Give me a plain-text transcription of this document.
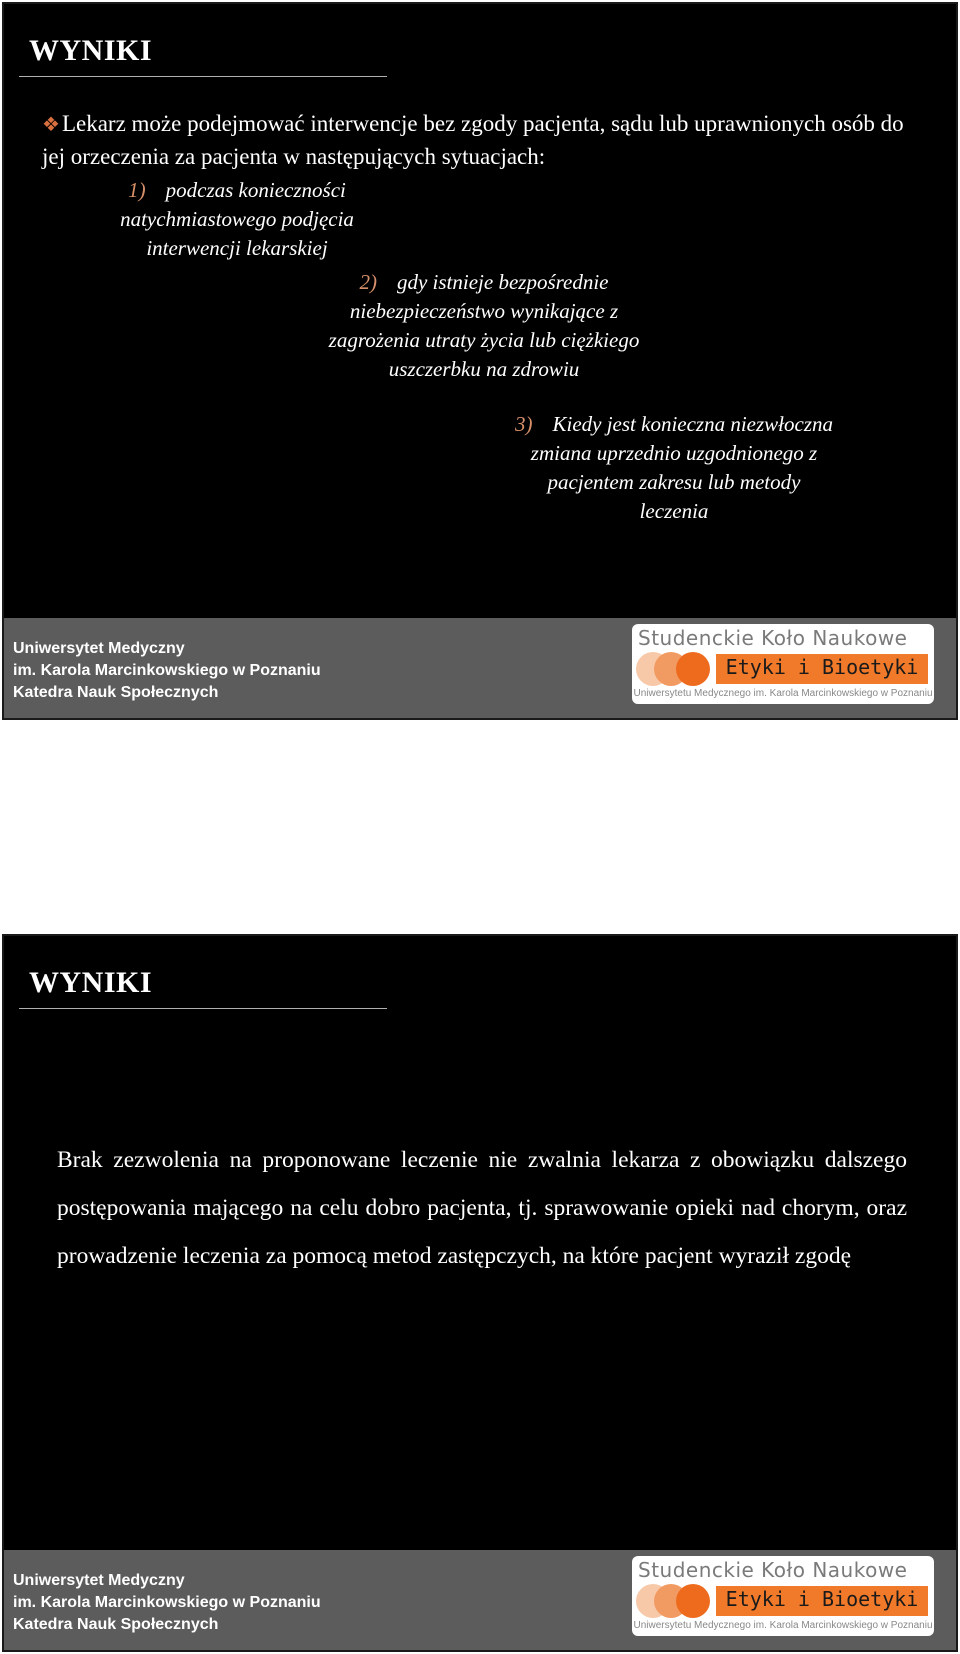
WYNIKI
❖Lekarz może podejmować interwencje bez zgody pacjenta, sądu lub uprawnionych osób do jej orzeczenia za pacjenta w następujących sytuacjach:
1) podczas konieczności
natychmiastowego podjęcia
interwencji lekarskiej
2) gdy istnieje bezpośrednie
niebezpieczeństwo wynikające z
zagrożenia utraty życia lub ciężkiego
uszczerbku na zdrowiu
3) Kiedy jest konieczna niezwłoczna
zmiana uprzednio uzgodnionego z
pacjentem zakresu lub metody
leczenia
Uniwersytet Medyczny
im. Karola Marcinkowskiego w Poznaniu
Katedra Nauk Społecznych
Studenckie Koło Naukowe
Etyki i Bioetyki
Uniwersytetu Medycznego im. Karola Marcinkowskiego w Poznaniu
WYNIKI
Brak zezwolenia na proponowane leczenie nie zwalnia lekarza z obowiązku dalszego postępowania mającego na celu dobro pacjenta, tj. sprawowanie opieki nad chorym, oraz prowadzenie leczenia za pomocą metod zastępczych, na które pacjent wyraził zgodę
Uniwersytet Medyczny
im. Karola Marcinkowskiego w Poznaniu
Katedra Nauk Społecznych
Studenckie Koło Naukowe
Etyki i Bioetyki
Uniwersytetu Medycznego im. Karola Marcinkowskiego w Poznaniu
